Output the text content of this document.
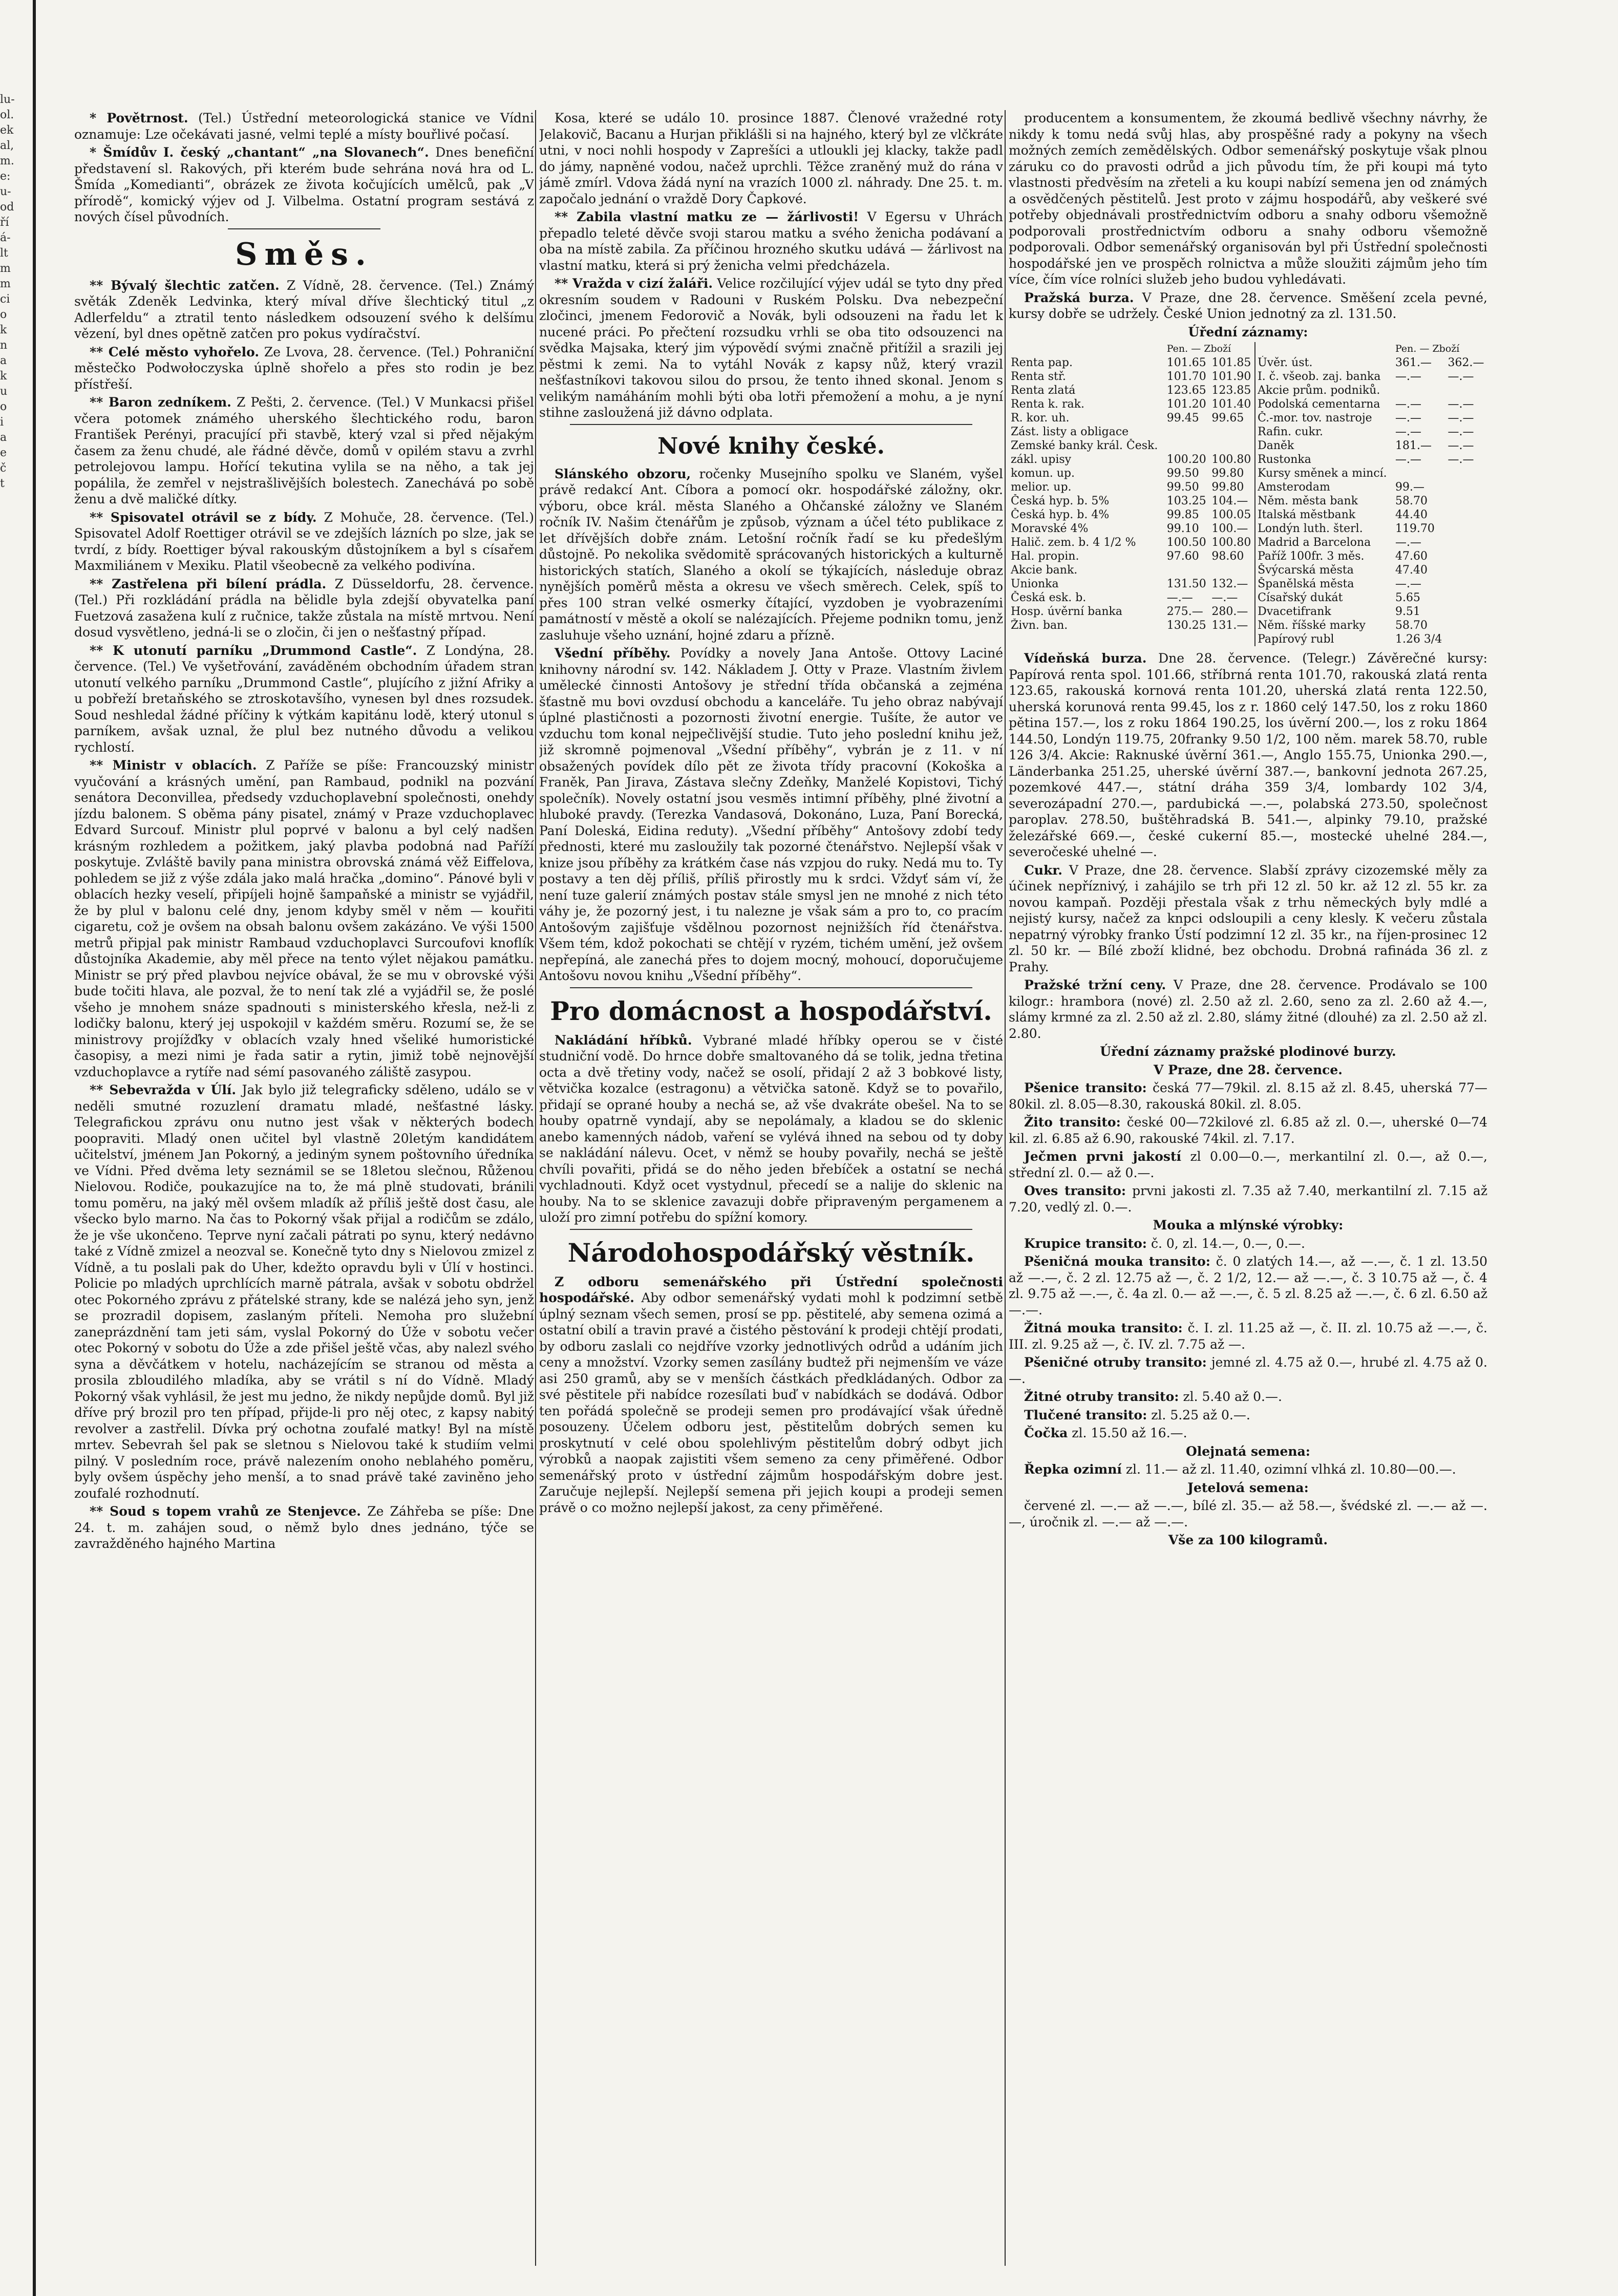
lu-
ol.
ek
al,
m.
e:
u-
od
ří
á-
lt
m
m
ci
o
k
n
a
k
u
o
i
a
e
č
t

* Povětrnost. (Tel.) Ústřední meteorologická stanice ve Vídni oznamuje: Lze očekávati jasné, velmi teplé a místy bouřlivé počasí.

* Šmídův I. český „chantant“ „na Slovanech“. Dnes benefiční představení sl. Rakových, při kterém bude sehrána nová hra od L. Šmída „Komedianti“, obrázek ze života kočujících umělců, pak „V přírodě“, komický výjev od J. Vilbelma. Ostatní program sestává z nových čísel původních.

Směs.

** Bývalý šlechtic zatčen. Z Vídně, 28. července. (Tel.) Známý světák Zdeněk Ledvinka, který míval dříve šlechtický titul „z Adlerfeldu“ a ztratil tento následkem odsouzení svého k delšímu vězení, byl dnes opětně zatčen pro pokus vydíračství.

** Celé město vyhořelo. Ze Lvova, 28. července. (Tel.) Pohraniční městečko Podwołoczyska úplně shořelo a přes sto rodin je bez přístřeší.

** Baron zedníkem. Z Pešti, 2. července. (Tel.) V Munkacsi přišel včera potomek známého uherského šlechtického rodu, baron František Perényi, pracující při stavbě, který vzal si před nějakým časem za ženu chudé, ale řádné děvče, domů v opilém stavu a zvrhl petrolejovou lampu. Hořící tekutina vylila se na něho, a tak jej popálila, že zemřel v nejstrašlivějších bolestech. Zanechává po sobě ženu a dvě maličké dítky.

** Spisovatel otrávil se z bídy. Z Mohuče, 28. července. (Tel.) Spisovatel Adolf Roettiger otrávil se ve zdejších lázních po slze, jak se tvrdí, z bídy. Roettiger býval rakouským důstojníkem a byl s císařem Maxmiliánem v Mexiku. Platil všeobecně za velkého podivína.

** Zastřelena při bílení prádla. Z Düsseldorfu, 28. července. (Tel.) Při rozkládání prádla na bělidle byla zdejší obyvatelka paní Fuetzová zasažena kulí z ručnice, takže zůstala na místě mrtvou. Není dosud vysvětleno, jedná-li se o zločin, či jen o nešťastný případ.

** K utonutí parníku „Drummond Castle“. Z Londýna, 28. července. (Tel.) Ve vyšetřování, zaváděném obchodním úřadem stran utonutí velkého parníku „Drummond Castle“, plujícího z jižní Afriky a u pobřeží bretaňského se ztroskotavšího, vynesen byl dnes rozsudek. Soud neshledal žádné příčiny k výtkám kapitánu lodě, který utonul s parníkem, avšak uznal, že plul bez nutného důvodu a velikou rychlostí.

** Ministr v oblacích. Z Paříže se píše: Francouzský ministr vyučování a krásných umění, pan Rambaud, podnikl na pozvání senátora Deconvillea, předsedy vzduchoplavební společnosti, onehdy jízdu balonem. S oběma pány pisatel, známý v Praze vzduchoplavec Edvard Surcouf. Ministr plul poprvé v balonu a byl celý nadšen krásným rozhledem a požitkem, jaký plavba podobná nad Paříží poskytuje. Zvláště bavily pana ministra obrovská známá věž Eiffelova, pohledem se již z výše zdála jako malá hračka „domino“. Pánové byli v oblacích hezky veselí, připíjeli hojně šampaňské a ministr se vyjádřil, že by plul v balonu celé dny, jenom kdyby směl v něm — kouřiti cigaretu, což je ovšem na obsah balonu ovšem zakázáno. Ve výši 1500 metrů připjal pak ministr Rambaud vzduchoplavci Surcoufovi knoflík důstojníka Akademie, aby měl přece na tento výlet nějakou památku. Ministr se prý před plavbou nejvíce obával, že se mu v obrovské výši bude točiti hlava, ale pozval, že to není tak zlé a vyjádřil se, že poslé všeho je mnohem snáze spadnouti s ministerského křesla, než-li z lodičky balonu, který jej uspokojil v každém směru. Rozumí se, že se ministrovy projížďky v oblacích vzaly hned všeliké humoristické časopisy, a mezi nimi je řada satir a rytin, jimiž tobě nejnovější vzduchoplavce a rytíře nad sémí pasovaného záliště zasypou.

** Sebevražda v Úlí. Jak bylo již telegraficky sděleno, událo se v neděli smutné rozuzlení dramatu mladé, nešťastné lásky. Telegrafickou zprávu onu nutno jest však v některých bodech poopraviti. Mladý onen učitel byl vlastně 20letým kandidátem učitelství, jménem Jan Pokorný, a jediným synem poštovního úředníka ve Vídni. Před dvěma lety seznámil se se 18letou slečnou, Růženou Nielovou. Rodiče, poukazujíce na to, že má plně studovati, bránili tomu poměru, na jaký měl ovšem mladík až příliš ještě dost času, ale všecko bylo marno. Na čas to Pokorný však přijal a rodičům se zdálo, že je vše ukončeno. Teprve nyní začali pátrati po synu, který nedávno také z Vídně zmizel a neozval se. Konečně tyto dny s Nielovou zmizel z Vídně, a tu poslali pak do Uher, kdežto opravdu byli v Úlí v hostinci. Policie po mladých uprchlících marně pátrala, avšak v sobotu obdržel otec Pokorného zprávu z přátelské strany, kde se nalézá jeho syn, jenž se prozradil dopisem, zaslaným příteli. Nemoha pro služební zaneprázdnění tam jeti sám, vyslal Pokorný do Úže v sobotu večer otec Pokorný v sobotu do Úže a zde přišel ještě včas, aby nalezl svého syna a děvčátkem v hotelu, nacházejícím se stranou od města a prosila zbloudilého mladíka, aby se vrátil s ní do Vídně. Mladý Pokorný však vyhlásil, že jest mu jedno, že nikdy nepůjde domů. Byl již dříve prý brozil pro ten případ, přijde-li pro něj otec, z kapsy nabitý revolver a zastřelil. Dívka prý ochotna zoufalé matky! Byl na místě mrtev. Sebevrah šel pak se sletnou s Nielovou také k studiím velmi pilný. V posledním roce, právě nalezením onoho neblahého poměru, byly ovšem úspěchy jeho menší, a to snad právě také zaviněno jeho zoufalé rozhodnutí.

** Soud s topem vrahů ze Stenjevce. Ze Záhřeba se píše: Dne 24. t. m. zahájen soud, o němž bylo dnes jednáno, týče se zavražděného hajného Martina

Kosa, které se událo 10. prosince 1887. Členové vražedné roty Jelakovič, Bacanu a Hurjan přiklášli si na hajného, který byl ze vlčkráte utni, v noci nohli hospody v Zaprešíci a utloukli jej klacky, takže padl do jámy, napněné vodou, načež uprchli. Těžce zraněný muž do rána v jámě zmírl. Vdova žádá nyní na vrazích 1000 zl. náhrady. Dne 25. t. m. započalo jednání o vraždě Dory Čapkové.

** Zabila vlastní matku ze — žárlivosti! V Egersu v Uhrách přepadlo teleté děvče svoji starou matku a svého ženicha podávaní a oba na místě zabila. Za příčinou hrozného skutku udává — žárlivost na vlastní matku, která si prý ženicha velmi předcházela.

** Vražda v cizí žaláři. Velice rozčilující výjev udál se tyto dny před okresním soudem v Radouni v Ruském Polsku. Dva nebezpeční zločinci, jmenem Fedorovič a Novák, byli odsouzeni na řadu let k nucené práci. Po přečtení rozsudku vrhli se oba tito odsouzenci na svědka Majsaka, který jim výpovědí svými značně přitížil a srazili jej pěstmi k zemi. Na to vytáhl Novák z kapsy nůž, který vrazil nešťastníkovi takovou silou do prsou, že tento ihned skonal. Jenom s velikým namáháním mohli býti oba lotři přemožení a mohu, a je nyní stihne zasloužená již dávno odplata.

Nové knihy české.

Slánského obzoru, ročenky Musejního spolku ve Slaném, vyšel právě redakcí Ant. Cíbora a pomocí okr. hospodářské záložny, okr. výboru, obce král. města Slaného a Ohčanské záložny ve Slaném ročník IV. Našim čtenářům je způsob, význam a účel této publikace z let dřívějších dobře znám. Letošní ročník řadí se ku předešlým důstojně. Po nekolika svědomitě sprácovaných historických a kulturně historických statích, Slaného a okolí se týkajících, následuje obraz nynějších poměrů města a okresu ve všech směrech. Celek, spíš to přes 100 stran velké osmerky čítající, vyzdoben je vyobrazeními památností v městě a okolí se nalézajících. Přejeme podnikn tomu, jenž zasluhuje všeho uznání, hojné zdaru a přízně.

Všední příběhy. Povídky a novely Jana Antoše. Ottovy Laciné knihovny národní sv. 142. Nákladem J. Otty v Praze. Vlastním živlem umělecké činnosti Antošovy je střední třída občanská a zejména šťastně mu bovi ovzdusí obchodu a kanceláře. Tu jeho obraz nabývají úplné plastičnosti a pozornosti životní energie. Tušíte, že autor ve vzduchu tom konal nejpečlivější studie. Tuto jeho poslední knihu jež, již skromně pojmenoval „Všední příběhy“, vybrán je z 11. v ní obsažených povídek dílo pět ze života třídy pracovní (Kokoška a Franěk, Pan Jirava, Zástava slečny Zdeňky, Manželé Kopistovi, Tichý společník). Novely ostatní jsou vesměs intimní příběhy, plné životní a hluboké pravdy. (Terezka Vandasová, Dokonáno, Luza, Paní Borecká, Paní Doleská, Eidina reduty). „Všední příběhy“ Antošovy zdobí tedy přednosti, které mu zasloužily tak pozorné čtenářstvo. Nejlepší však v knize jsou příběhy za krátkém čase nás vzpjou do ruky. Nedá mu to. Ty postavy a ten děj příliš, příliš přirostly mu k srdci. Vždyť sám ví, že není tuze galerií známých postav stále smysl jen ne mnohé z nich této váhy je, že pozorný jest, i tu nalezne je však sám a pro to, co pracím Antošovým zajišťuje všdělnou pozornost nejnižších říd čtenářstva. Všem tém, kdož pokochati se chtějí v ryzém, tichém umění, jež ovšem nepřepíná, ale zanechá přes to dojem mocný, mohoucí, doporučujeme Antošovu novou knihu „Všední příběhy“.

Pro domácnost a hospodářství.

Nakládání hříbků. Vybrané mladé hříbky operou se v čisté studniční vodě. Do hrnce dobře smaltovaného dá se tolik, jedna třetina octa a dvě třetiny vody, načež se osolí, přidají 2 až 3 bobkové listy, větvička kozalce (estragonu) a větvička satoně. Když se to povařilo, přidají se oprané houby a nechá se, až vše dvakráte obešel. Na to se houby opatrně vyndají, aby se nepolámaly, a kladou se do sklenic anebo kamenných nádob, vaření se vylévá ihned na sebou od ty doby se nakládání nálevu. Ocet, v němž se houby povařily, nechá se ještě chvíli povařiti, přidá se do něho jeden břebíček a ostatní se nechá vychladnouti. Když ocet vystydnul, přecedí se a nalije do sklenic na houby. Na to se sklenice zavazuji dobře připraveným pergamenem a uloží pro zimní potřebu do spížní komory.

Národohospodářský věstník.

Z odboru semenářského při Ústřední společnosti hospodářské. Aby odbor semenářský vydati mohl k podzimní setbě úplný seznam všech semen, prosí se pp. pěstitelé, aby semena ozimá a ostatní obilí a travin pravé a čistého pěstování k prodeji chtějí prodati, by odboru zaslali co nejdříve vzorky jednotlivých odrůd a udáním jich ceny a množství. Vzorky semen zasílány budtež při nejmenším ve váze asi 250 gramů, aby se v menších částkách předkládaných. Odbor za své pěstitele při nabídce rozesílati buď v nabídkách se dodává. Odbor ten pořádá společně se prodeji semen pro prodávající však úředně posouzeny. Účelem odboru jest, pěstitelům dobrých semen ku proskytnutí v celé obou spolehlivým pěstitelům dobrý odbyt jich výrobků a naopak zajistiti všem semeno za ceny přiměřené. Odbor semenářský proto v ústřední zájmům hospodářským dobre jest. Zaručuje nejlepší. Nejlepší semena při jejich koupi a prodeji semen právě o co možno nejlepší jakost, za ceny přiměřené.

producentem a konsumentem, že zkoumá bedlivě všechny návrhy, že nikdy k tomu nedá svůj hlas, aby prospěšné rady a pokyny na všech možných zemích zemědělských. Odbor semenářský poskytuje však plnou záruku co do pravosti odrůd a jich původu tím, že při koupi má tyto vlastnosti předvěsím na zřeteli a ku koupi nabízí semena jen od známých a osvědčených pěstitelů. Jest proto v zájmu hospodářů, aby veškeré své potřeby objednávali prostřednictvím odboru a snahy odboru všemožně podporovali prostřednictvím odboru a snahy odboru všemožně podporovali. Odbor semenářský organisován byl při Ústřední společnosti hospodářské jen ve prospěch rolnictva a může sloužiti zájmům jeho tím více, čím více rolníci služeb jeho budou vyhledávati.

Pražská burza. V Praze, dne 28. července. Směšení zcela pevné, kursy dobře se udržely. České Union jednotný za zl. 131.50.

Úřední záznamy:

	Pen. — Zboží			Pen. — Zboží	
Renta pap.	101.65	101.85	Úvěr. úst.	361.—	362.—
Renta stř.	101.70	101.90	I. č. všeob. zaj. banka	—.—	—.—
Renta zlatá	123.65	123.85	Akcie prům. podniků.		
Renta k. rak.	101.20	101.40	Podolská cementarna	—.—	—.—
R. kor. uh.	99.45	99.65	Č.-mor. tov. nastroje	—.—	—.—
Zást. listy a obligace			Rafin. cukr.	—.—	—.—
Zemské banky král. Česk.			Daněk	181.—	—.—
zákl. upisy	100.20	100.80	Rustonka	—.—	—.—
komun. up.	99.50	99.80	Kursy směnek a mincí.		
melior. up.	99.50	99.80	Amsterodam	99.—	
Česká hyp. b. 5%	103.25	104.—	Něm. města bank	58.70	
Česká hyp. b. 4%	99.85	100.05	Italská městbank	44.40	
Moravské 4%	99.10	100.—	Londýn luth. šterl.	119.70	
Halič. zem. b. 4 1/2 %	100.50	100.80	Madrid a Barcelona	—.—	
Hal. propin.	97.60	98.60	Paříž 100fr. 3 měs.	47.60	
Akcie bank.			Švýcarská města	47.40	
Unionka	131.50	132.—	Španělská města	—.—	
Česká esk. b.	—.—	—.—	Císařský dukát	5.65	
Hosp. úvěrní banka	275.—	280.—	Dvacetifrank	9.51	
Živn. ban.	130.25	131.—	Něm. říšské marky	58.70	
			Papírový rubl	1.26 3/4	

Vídeňská burza. Dne 28. července. (Telegr.) Závěrečné kursy: Papírová renta spol. 101.66, stříbrná renta 101.70, rakouská zlatá renta 123.65, rakouská kornová renta 101.20, uherská zlatá renta 122.50, uherská korunová renta 99.45, los z r. 1860 celý 147.50, los z roku 1860 pětina 157.—, los z roku 1864 190.25, los úvěrní 200.—, los z roku 1864 144.50, Londýn 119.75, 20franky 9.50 1/2, 100 něm. marek 58.70, ruble 126 3/4. Akcie: Raknuské úvěrní 361.—, Anglo 155.75, Unionka 290.—, Länderbanka 251.25, uherské úvěrní 387.—, bankovní jednota 267.25, pozemkové 447.—, státní dráha 359 3/4, lombardy 102 3/4, severozápadní 270.—, pardubická —.—, polabská 273.50, společnost paroplav. 278.50, buštěhradská B. 541.—, alpinky 79.10, pražské železářské 669.—, české cukerní 85.—, mostecké uhelné 284.—, severočeské uhelné —.

Cukr. V Praze, dne 28. července. Slabší zprávy cizozemské měly za účinek nepříznivý, i zahájilo se trh při 12 zl. 50 kr. až 12 zl. 55 kr. za novou kampaň. Později přestala však z trhu německých byly mdlé a nejistý kursy, načež za knpci odsloupili a ceny klesly. K večeru zůstala nepatrný výrobky franko Ústí podzimní 12 zl. 35 kr., na říjen-prosinec 12 zl. 50 kr. — Bílé zboží klidné, bez obchodu. Drobná rafináda 36 zl. z Prahy.

Pražské tržní ceny. V Praze, dne 28. července. Prodávalo se 100 kilogr.: hrambora (nové) zl. 2.50 až zl. 2.60, seno za zl. 2.60 až 4.—, slámy krmné za zl. 2.50 až zl. 2.80, slámy žitné (dlouhé) za zl. 2.50 až zl. 2.80.

Úřední záznamy pražské plodinové burzy.

V Praze, dne 28. července.

Pšenice transito: česká 77—79kil. zl. 8.15 až zl. 8.45, uherská 77—80kil. zl. 8.05—8.30, rakouská 80kil. zl. 8.05.

Žito transito: české 00—72kilové zl. 6.85 až zl. 0.—, uherské 0—74 kil. zl. 6.85 až 6.90, rakouské 74kil. zl. 7.17.

Ječmen prvni jakostí zl 0.00—0.—, merkantilní zl. 0.—, až 0.—, střední zl. 0.— až 0.—.

Oves transito: prvni jakosti zl. 7.35 až 7.40, merkantilní zl. 7.15 až 7.20, vedlý zl. 0.—.

Mouka a mlýnské výrobky:

Krupice transito: č. 0, zl. 14.—, 0.—, 0.—.

Pšeničná mouka transito: č. 0 zlatých 14.—, až —.—, č. 1 zl. 13.50 až —.—, č. 2 zl. 12.75 až —, č. 2 1/2, 12.— až —.—, č. 3 10.75 až —, č. 4 zl. 9.75 až —.—, č. 4a zl. 0.— až —.—, č. 5 zl. 8.25 až —.—, č. 6 zl. 6.50 až —.—.

Žitná mouka transito: č. I. zl. 11.25 až —, č. II. zl. 10.75 až —.—, č. III. zl. 9.25 až —, č. IV. zl. 7.75 až —.

Pšeničné otruby transito: jemné zl. 4.75 až 0.—, hrubé zl. 4.75 až 0.—.

Žitné otruby transito: zl. 5.40 až 0.—.

Tlučené transito: zl. 5.25 až 0.—.

Čočka zl. 15.50 až 16.—.

Olejnatá semena:

Řepka ozimní zl. 11.— až zl. 11.40, ozimní vlhká zl. 10.80—00.—.

Jetelová semena:

červené zl. —.— až —.—, bílé zl. 35.— až 58.—, švédské zl. —.— až —.—, úročnik zl. —.— až —.—.

Vše za 100 kilogramů.
